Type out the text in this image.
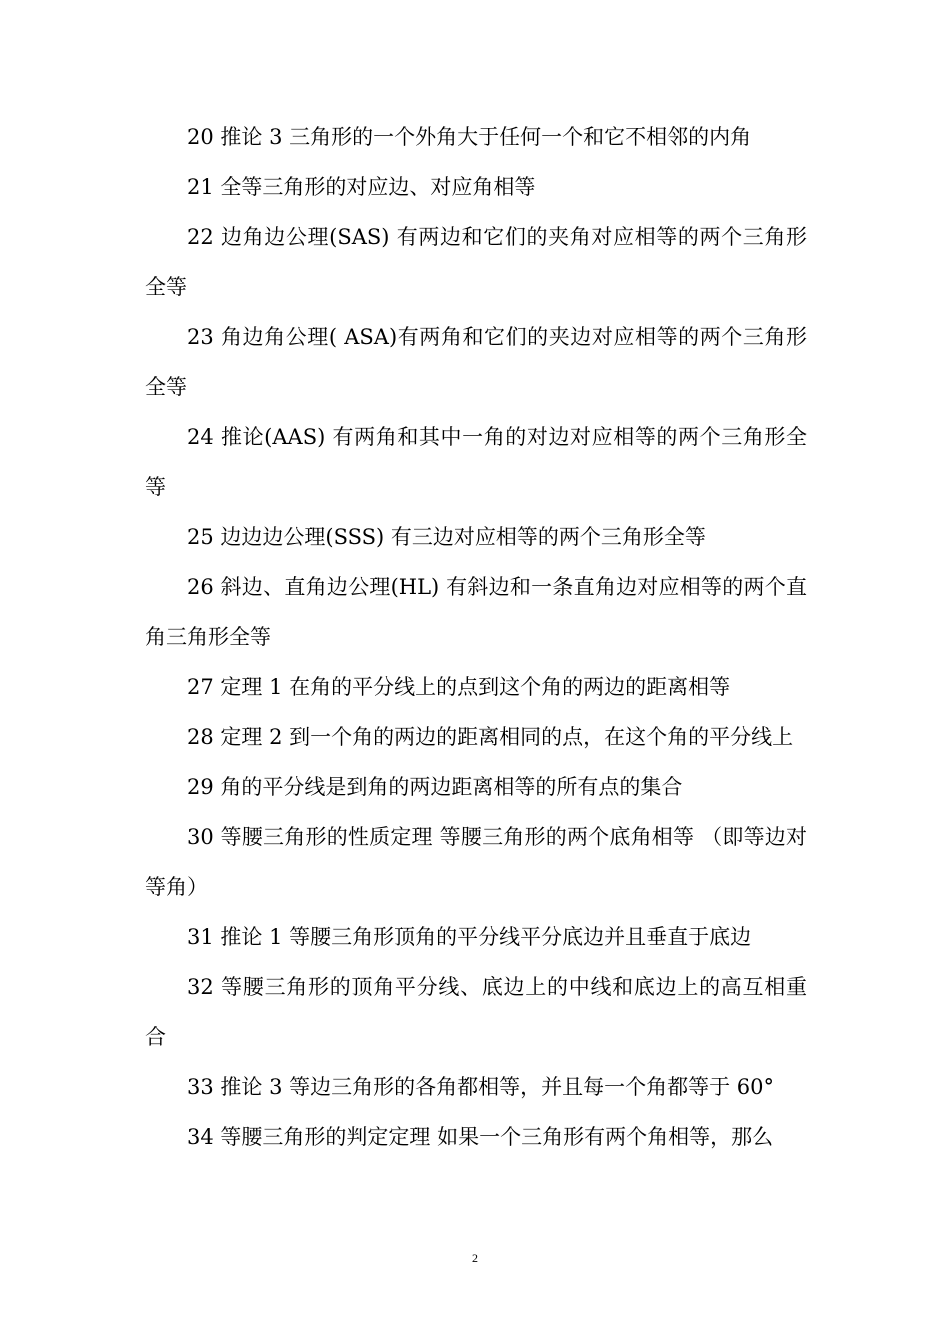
20 推论 3 三角形的一个外角大于任何一个和它不相邻的内角

21 全等三角形的对应边、对应角相等

22 边角边公理(SAS) 有两边和它们的夹角对应相等的两个三角形全等

23 角边角公理( ASA)有两角和它们的夹边对应相等的两个三角形全等

24 推论(AAS) 有两角和其中一角的对边对应相等的两个三角形全等

25 边边边公理(SSS) 有三边对应相等的两个三角形全等

26 斜边、直角边公理(HL) 有斜边和一条直角边对应相等的两个直角三角形全等

27 定理 1 在角的平分线上的点到这个角的两边的距离相等

28 定理 2 到一个角的两边的距离相同的点，在这个角的平分线上

29 角的平分线是到角的两边距离相等的所有点的集合

30 等腰三角形的性质定理 等腰三角形的两个底角相等 （即等边对等角）

31 推论 1 等腰三角形顶角的平分线平分底边并且垂直于底边

32 等腰三角形的顶角平分线、底边上的中线和底边上的高互相重合

33 推论 3 等边三角形的各角都相等，并且每一个角都等于 60°

34 等腰三角形的判定定理 如果一个三角形有两个角相等，那么

2
